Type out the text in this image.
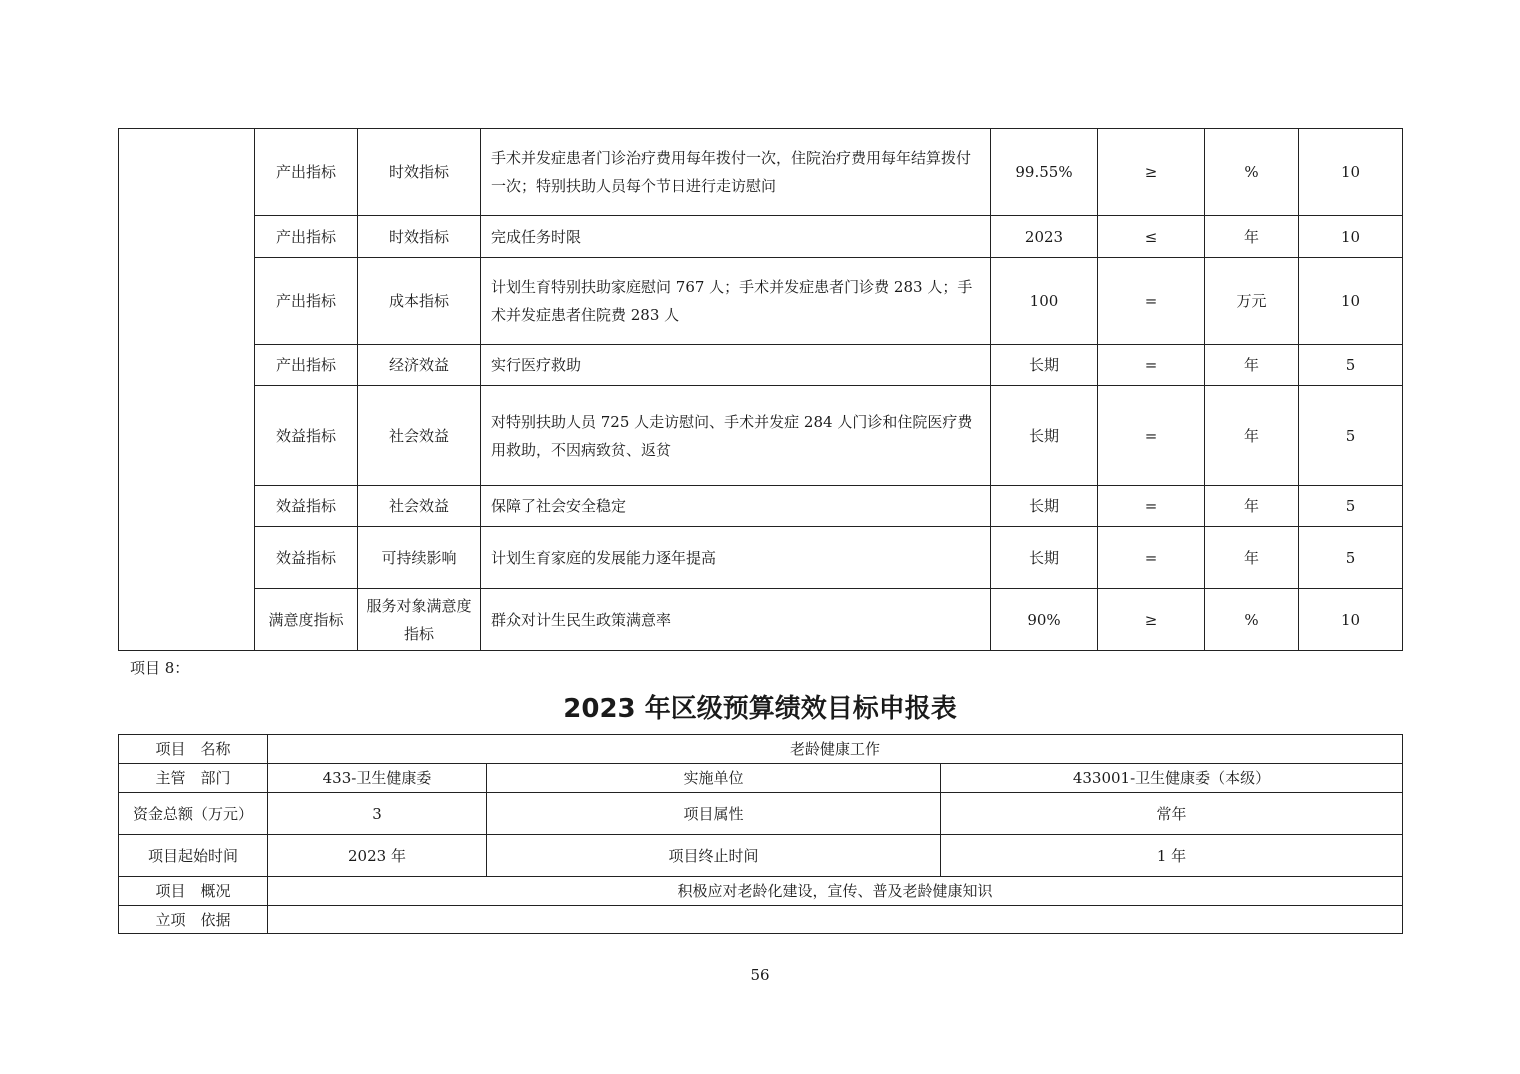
	产出指标	时效指标	手术并发症患者门诊治疗费用每年拨付一次，住院治疗费用每年结算拨付一次；特别扶助人员每个节日进行走访慰问	99.55%	≥	%	10
	产出指标	时效指标	完成任务时限	2023	≤	年	10
	产出指标	成本指标	计划生育特别扶助家庭慰问 767 人；手术并发症患者门诊费 283 人；手术并发症患者住院费 283 人	100	=	万元	10
	产出指标	经济效益	实行医疗救助	长期	=	年	5
	效益指标	社会效益	对特别扶助人员 725 人走访慰问、手术并发症 284 人门诊和住院医疗费用救助，不因病致贫、返贫	长期	=	年	5
	效益指标	社会效益	保障了社会安全稳定	长期	=	年	5
	效益指标	可持续影响	计划生育家庭的发展能力逐年提高	长期	=	年	5
	满意度指标	服务对象满意度指标	群众对计生民生政策满意率	90%	≥	%	10
项目 8：
2023 年区级预算绩效目标申报表
项目　名称	老龄健康工作		
主管　部门	433-卫生健康委	实施单位	433001-卫生健康委（本级）
资金总额（万元）	3	项目属性	常年
项目起始时间	2023 年	项目终止时间	1 年
项目　概况	积极应对老龄化建设，宣传、普及老龄健康知识		
立项　依据			
56
